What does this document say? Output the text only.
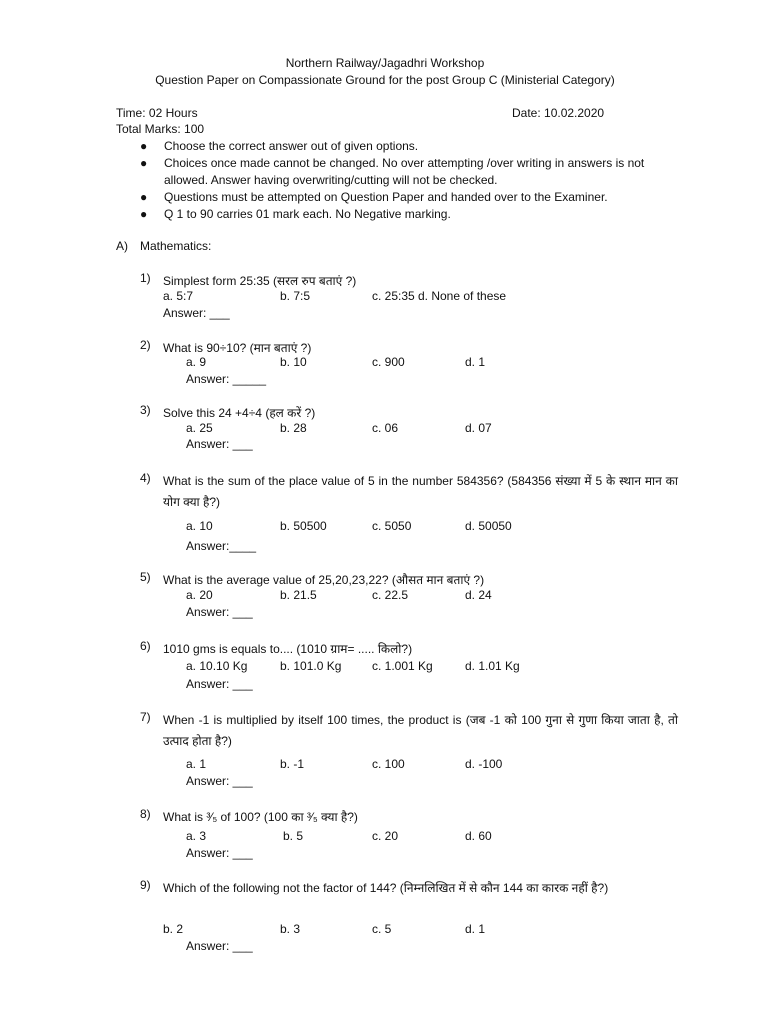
Northern Railway/Jagadhri Workshop
Question Paper on Compassionate Ground for the post Group C (Ministerial Category)
Time: 02 Hours	Date: 10.02.2020
Total Marks: 100
● Choose the correct answer out of given options.
● Choices once made cannot be changed. No over attempting /over writing in answers is not allowed. Answer having overwriting/cutting will not be checked.
● Questions must be attempted on Question Paper and handed over to the Examiner.
● Q 1 to 90 carries 01 mark each. No Negative marking.
A) Mathematics:
1) Simplest form 25:35 (सरल रुप बताएं ?)
a. 5:7	b. 7:5	c. 25:35 d. None of these
Answer: ___
2) What is 90÷10? (मान बताएं ?)
a. 9	b. 10	c. 900	d. 1
Answer: _____
3) Solve this 24 +4÷4 (हल करें ?)
a. 25	b. 28	c. 06	d. 07
Answer: ___
4) What is the sum of the place value of 5 in the number 584356? (584356 संख्या में 5 के स्थान मान का योग क्या है?)
a. 10	b. 50500	c. 5050	d. 50050
Answer:____
5) What is the average value of 25,20,23,22? (औसत मान बताएं ?)
a. 20	b. 21.5	c. 22.5	d. 24
Answer: ___
6) 1010 gms is equals to.... (1010 ग्राम= ..... किलो?)
a. 10.10 Kg	b. 101.0 Kg	c. 1.001 Kg	d. 1.01 Kg
Answer: ___
7) When -1 is multiplied by itself 100 times, the product is (जब -1 को 100 गुना से गुणा किया जाता है, तो उत्पाद होता है?)
a. 1	b. -1	c. 100	d. -100
Answer: ___
8) What is ³⁄₅ of 100? (100 का ³⁄₅ क्या है?)
a. 3	b. 5	c. 20	d. 60
Answer: ___
9) Which of the following not the factor of 144? (निम्नलिखित में से कौन 144 का कारक नहीं है?)
b. 2	b. 3	c. 5	d. 1
Answer: ___
